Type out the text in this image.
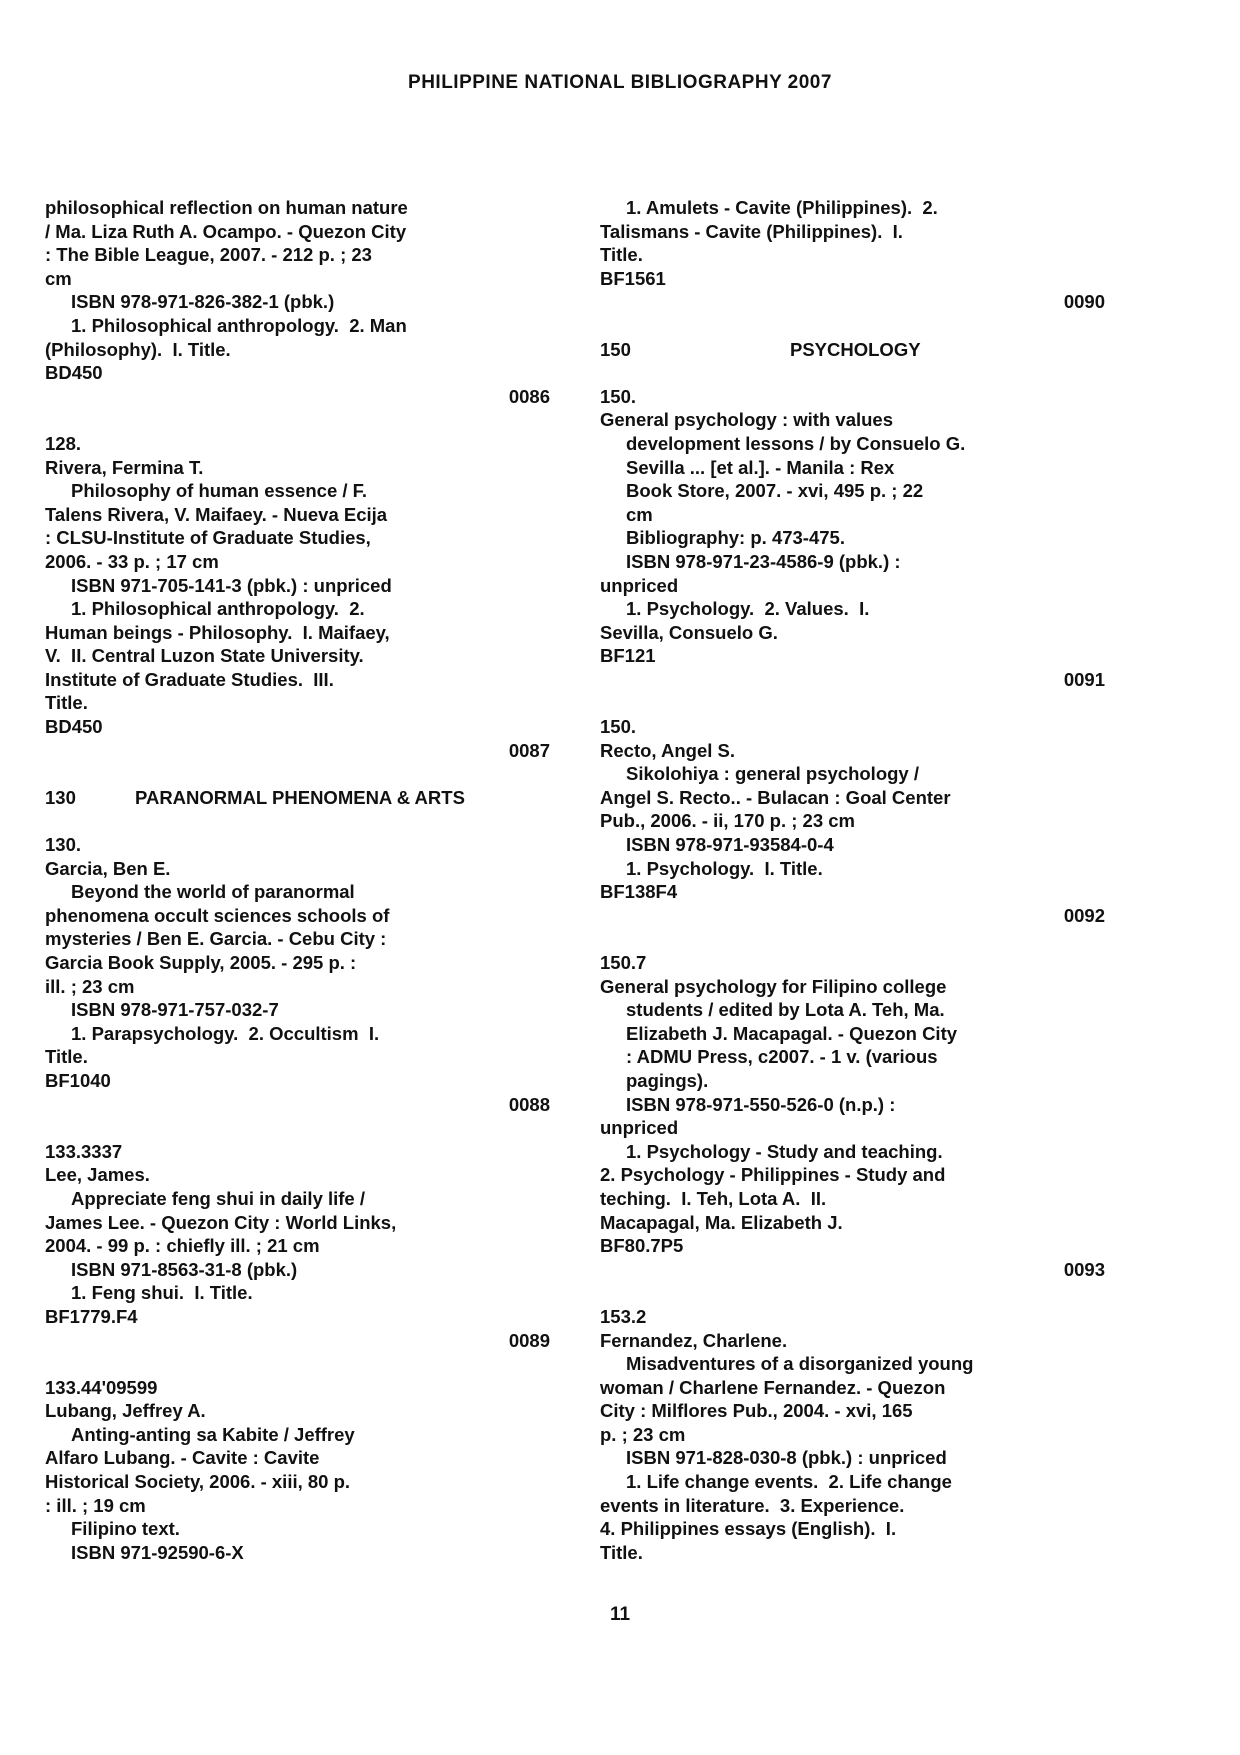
PHILIPPINE NATIONAL BIBLIOGRAPHY 2007
philosophical reflection on human nature
/ Ma. Liza Ruth A. Ocampo. - Quezon City
: The Bible League, 2007. - 212 p. ; 23
cm
ISBN 978-971-826-382-1 (pbk.)
1. Philosophical anthropology.  2. Man
(Philosophy).  I. Title.
BD450
0086
128.
Rivera, Fermina T.
Philosophy of human essence / F.
Talens Rivera, V. Maifaey. - Nueva Ecija
: CLSU-Institute of Graduate Studies,
2006. - 33 p. ; 17 cm
ISBN 971-705-141-3 (pbk.) : unpriced
1. Philosophical anthropology.  2.
Human beings - Philosophy.  I. Maifaey,
V.  II. Central Luzon State University.
Institute of Graduate Studies.  III.
Title.
BD450
0087
130	PARANORMAL PHENOMENA & ARTS
130.
Garcia, Ben E.
Beyond the world of paranormal
phenomena occult sciences schools of
mysteries / Ben E. Garcia. - Cebu City :
Garcia Book Supply, 2005. - 295 p. :
ill. ; 23 cm
ISBN 978-971-757-032-7
1. Parapsychology.  2. Occultism  I.
Title.
BF1040
0088
133.3337
Lee, James.
Appreciate feng shui in daily life /
James Lee. - Quezon City : World Links,
2004. - 99 p. : chiefly ill. ; 21 cm
ISBN 971-8563-31-8 (pbk.)
1. Feng shui.  I. Title.
BF1779.F4
0089
133.44'09599
Lubang, Jeffrey A.
Anting-anting sa Kabite / Jeffrey
Alfaro Lubang. - Cavite : Cavite
Historical Society, 2006. - xiii, 80 p.
: ill. ; 19 cm
Filipino text.
ISBN 971-92590-6-X
1. Amulets - Cavite (Philippines).  2.
Talismans - Cavite (Philippines).  I.
Title.
BF1561
0090
150	PSYCHOLOGY
150.
General psychology : with values
development lessons / by Consuelo G.
Sevilla ... [et al.]. - Manila : Rex
Book Store, 2007. - xvi, 495 p. ; 22
cm
Bibliography: p. 473-475.
ISBN 978-971-23-4586-9 (pbk.) :
unpriced
1. Psychology.  2. Values.  I.
Sevilla, Consuelo G.
BF121
0091
150.
Recto, Angel S.
Sikolohiya : general psychology /
Angel S. Recto.. - Bulacan : Goal Center
Pub., 2006. - ii, 170 p. ; 23 cm
ISBN 978-971-93584-0-4
1. Psychology.  I. Title.
BF138F4
0092
150.7
General psychology for Filipino college
students / edited by Lota A. Teh, Ma.
Elizabeth J. Macapagal. - Quezon City
: ADMU Press, c2007. - 1 v. (various
pagings).
ISBN 978-971-550-526-0 (n.p.) :
unpriced
1. Psychology - Study and teaching.
2. Psychology - Philippines - Study and
teching.  I. Teh, Lota A.  II.
Macapagal, Ma. Elizabeth J.
BF80.7P5
0093
153.2
Fernandez, Charlene.
Misadventures of a disorganized young
woman / Charlene Fernandez. - Quezon
City : Milflores Pub., 2004. - xvi, 165
p. ; 23 cm
ISBN 971-828-030-8 (pbk.) : unpriced
1. Life change events.  2. Life change
events in literature.  3. Experience.
4. Philippines essays (English).  I.
Title.
11
